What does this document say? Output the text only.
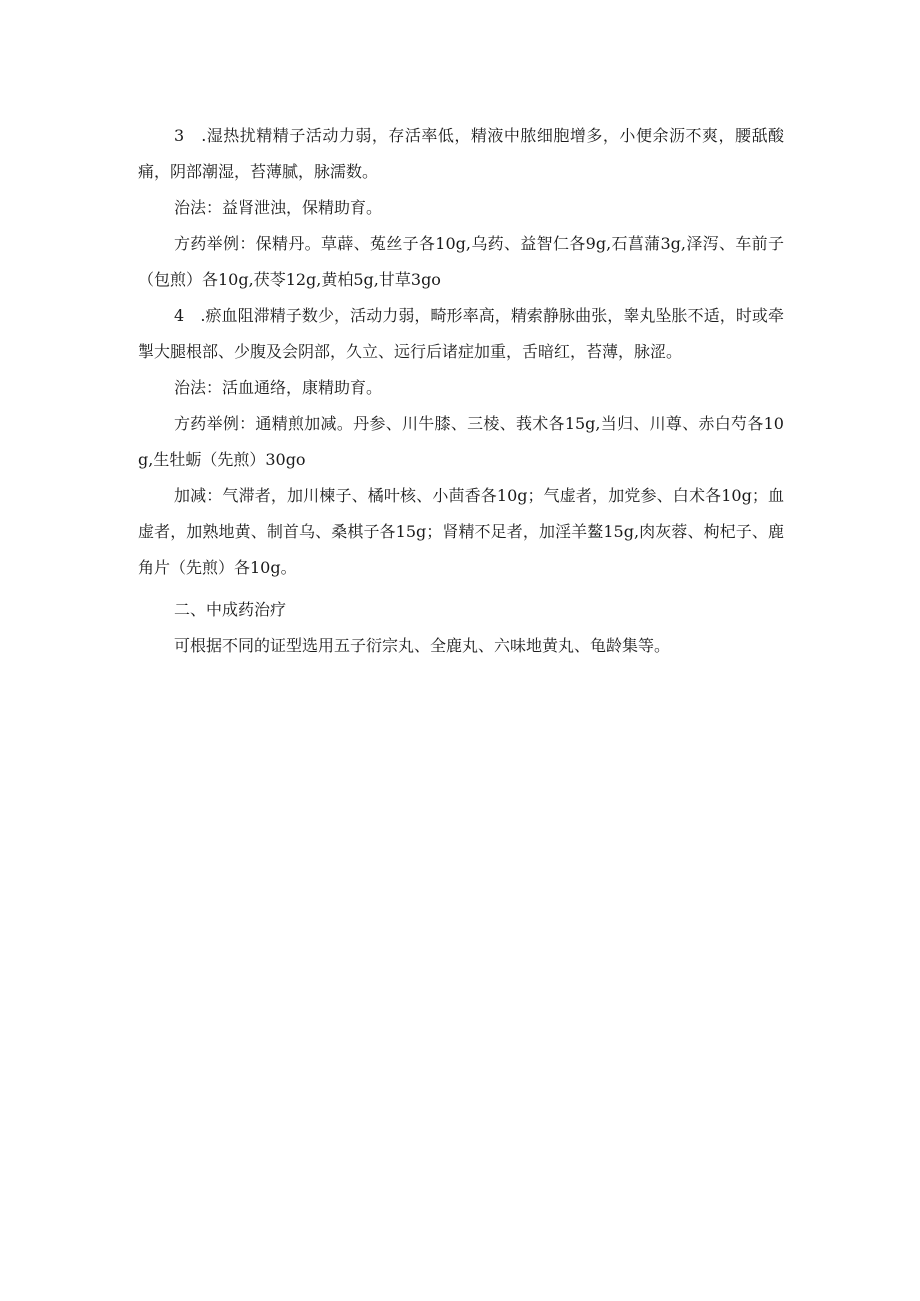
3　.湿热扰精精子活动力弱，存活率低，精液中脓细胞增多，小便余沥不爽，腰舐酸痛，阴部潮湿，苔薄腻，脉濡数。

治法：益肾泄浊，保精助育。

方药举例：保精丹。草薜、菟丝子各10g,乌药、益智仁各9g,石菖蒲3g,泽泻、车前子（包煎）各10g,茯苓12g,黄柏5g,甘草3go

4　.瘀血阻滞精子数少，活动力弱，畸形率高，精索静脉曲张，睾丸坠胀不适，时或牵掣大腿根部、少腹及会阴部，久立、远行后诸症加重，舌暗红，苔薄，脉涩。

治法：活血通络，康精助育。

方药举例：通精煎加减。丹参、川牛膝、三棱、莪术各15g,当归、川尊、赤白芍各10g,生牡蛎（先煎）30go

加减：气滞者，加川楝子、橘叶核、小茴香各10g；气虚者，加党参、白术各10g；血虚者，加熟地黄、制首乌、桑棋子各15g；肾精不足者，加淫羊鳌15g,肉灰蓉、枸杞子、鹿角片（先煎）各10g。

二、中成药治疗

可根据不同的证型选用五子衍宗丸、全鹿丸、六味地黄丸、龟龄集等。
